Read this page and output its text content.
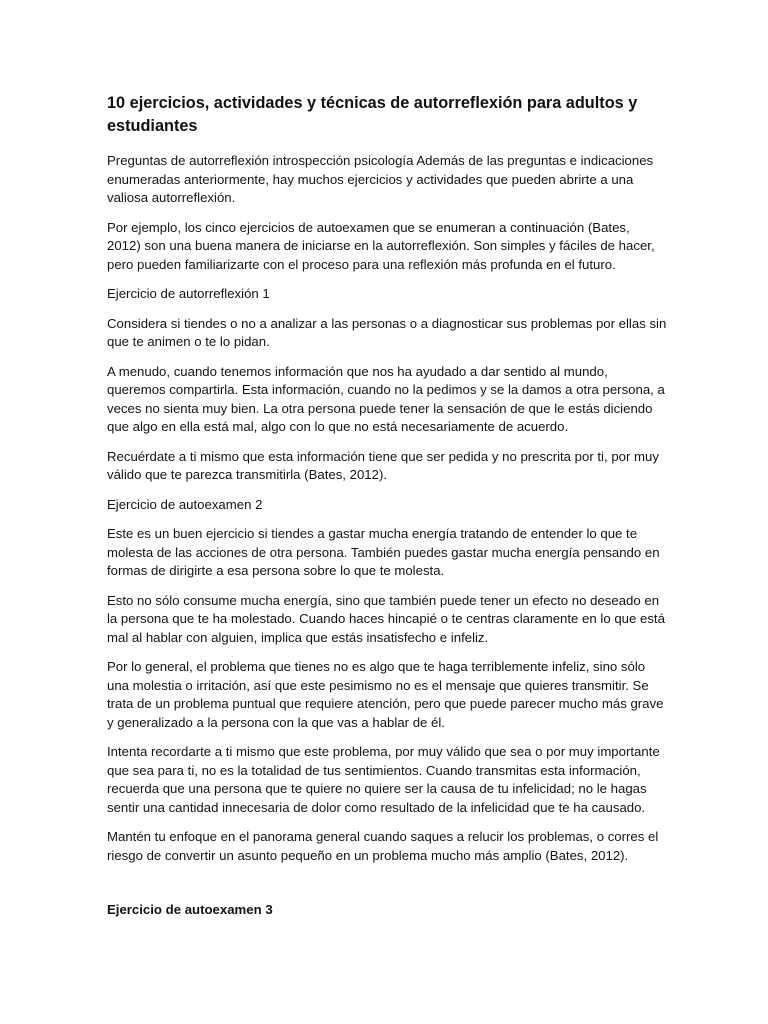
10 ejercicios, actividades y técnicas de autorreflexión para adultos y estudiantes

Preguntas de autorreflexión introspección psicología Además de las preguntas e indicaciones enumeradas anteriormente, hay muchos ejercicios y actividades que pueden abrirte a una valiosa autorreflexión.

Por ejemplo, los cinco ejercicios de autoexamen que se enumeran a continuación (Bates, 2012) son una buena manera de iniciarse en la autorreflexión. Son simples y fáciles de hacer, pero pueden familiarizarte con el proceso para una reflexión más profunda en el futuro.

Ejercicio de autorreflexión 1

Considera si tiendes o no a analizar a las personas o a diagnosticar sus problemas por ellas sin que te animen o te lo pidan.

A menudo, cuando tenemos información que nos ha ayudado a dar sentido al mundo, queremos compartirla. Esta información, cuando no la pedimos y se la damos a otra persona, a veces no sienta muy bien. La otra persona puede tener la sensación de que le estás diciendo que algo en ella está mal, algo con lo que no está necesariamente de acuerdo.

Recuérdate a ti mismo que esta información tiene que ser pedida y no prescrita por ti, por muy válido que te parezca transmitirla (Bates, 2012).

Ejercicio de autoexamen 2

Este es un buen ejercicio si tiendes a gastar mucha energía tratando de entender lo que te molesta de las acciones de otra persona. También puedes gastar mucha energía pensando en formas de dirigirte a esa persona sobre lo que te molesta.

Esto no sólo consume mucha energía, sino que también puede tener un efecto no deseado en la persona que te ha molestado. Cuando haces hincapié o te centras claramente en lo que está mal al hablar con alguien, implica que estás insatisfecho e infeliz.

Por lo general, el problema que tienes no es algo que te haga terriblemente infeliz, sino sólo una molestia o irritación, así que este pesimismo no es el mensaje que quieres transmitir. Se trata de un problema puntual que requiere atención, pero que puede parecer mucho más grave y generalizado a la persona con la que vas a hablar de él.

Intenta recordarte a ti mismo que este problema, por muy válido que sea o por muy importante que sea para ti, no es la totalidad de tus sentimientos. Cuando transmitas esta información, recuerda que una persona que te quiere no quiere ser la causa de tu infelicidad; no le hagas sentir una cantidad innecesaria de dolor como resultado de la infelicidad que te ha causado.

Mantén tu enfoque en el panorama general cuando saques a relucir los problemas, o corres el riesgo de convertir un asunto pequeño en un problema mucho más amplio (Bates, 2012).

Ejercicio de autoexamen 3
